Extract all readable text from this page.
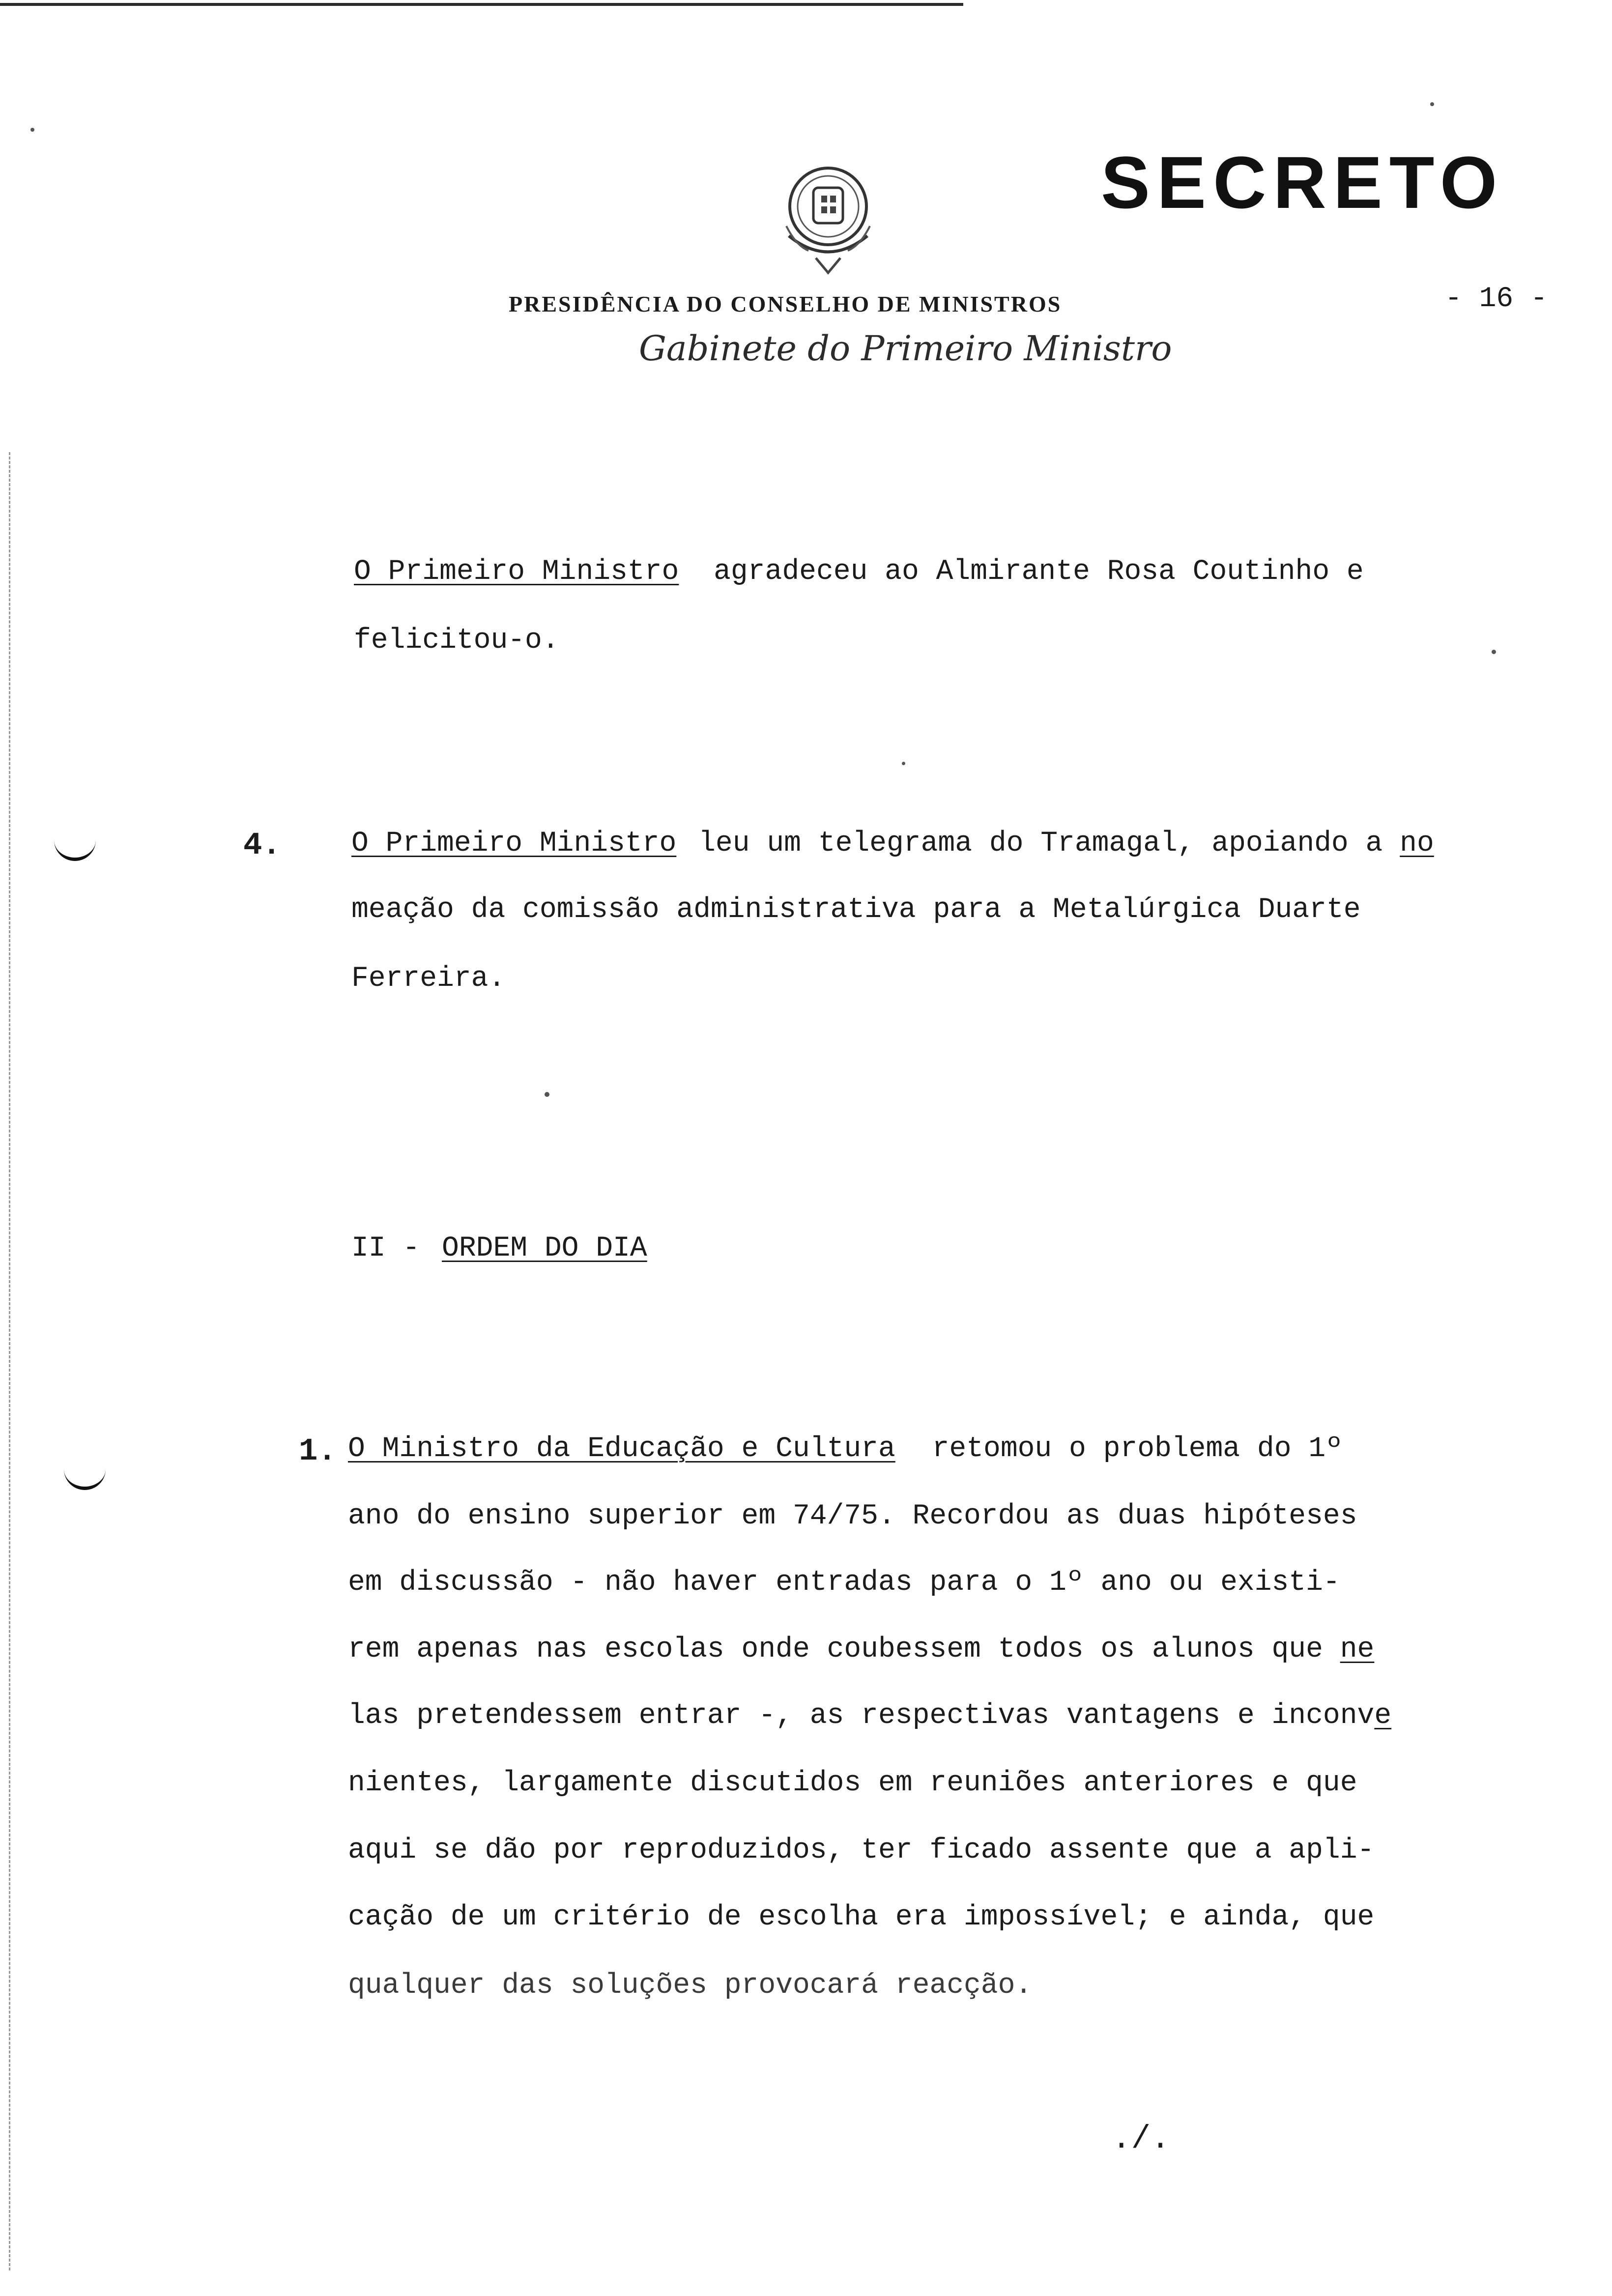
SECRETO
PRESIDÊNCIA DO CONSELHO DE MINISTROS	- 16 -
Gabinete do Primeiro Ministro
O Primeiro Ministro agradeceu ao Almirante Rosa Coutinho e
felicitou-o.
4. O Primeiro Ministro leu um telegrama do Tramagal, apoiando a no
meação da comissão administrativa para a Metalúrgica Duarte
Ferreira.
II - ORDEM DO DIA
1. O Ministro da Educação e Cultura retomou o problema do 1º
ano do ensino superior em 74/75. Recordou as duas hipóteses
em discussão - não haver entradas para o 1º ano ou existi-
rem apenas nas escolas onde coubessem todos os alunos que ne
las pretendessem entrar -, as respectivas vantagens e inconve
nientes, largamente discutidos em reuniões anteriores e que
aqui se dão por reproduzidos, ter ficado assente que a apli-
cação de um critério de escolha era impossível; e ainda, que
qualquer das soluções provocará reacção.
./.
